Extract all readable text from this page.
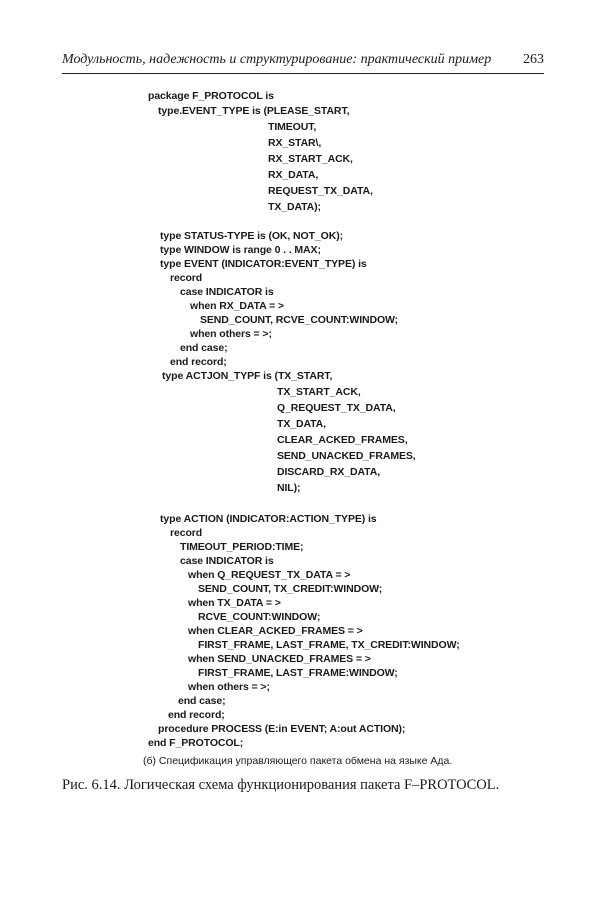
Модульность, надежность и структурирование: практический пример 263
package F_PROTOCOL is
type.EVENT_TYPE is (PLEASE_START,
TIMEOUT,
RX_STAR\,
RX_START_ACK,
RX_DATA,
REQUEST_TX_DATA,
TX_DATA);
type STATUS-TYPE is (OK, NOT_OK);
type WINDOW is range 0 . . MAX;
type EVENT (INDICATOR:EVENT_TYPE) is
record
case INDICATOR is
when RX_DATA = >
SEND_COUNT, RCVE_COUNT:WINDOW;
when others = >;
end case;
end record;
type ACTJON_TYPF is (TX_START,
TX_START_ACK,
Q_REQUEST_TX_DATA,
TX_DATA,
CLEAR_ACKED_FRAMES,
SEND_UNACKED_FRAMES,
DISCARD_RX_DATA,
NIL);
type ACTION (INDICATOR:ACTION_TYPE) is
record
TIMEOUT_PERIOD:TIME;
case INDICATOR is
when Q_REQUEST_TX_DATA = >
SEND_COUNT, TX_CREDIT:WINDOW;
when TX_DATA = >
RCVE_COUNT:WINDOW;
when CLEAR_ACKED_FRAMES = >
FIRST_FRAME, LAST_FRAME, TX_CREDIT:WINDOW;
when SEND_UNACKED_FRAMES = >
FIRST_FRAME, LAST_FRAME:WINDOW;
when others = >;
end case;
end record;
procedure PROCESS (E:in EVENT; A:out ACTION);
end F_PROTOCOL;
(б) Спецификация управляющего пакета обмена на языке Ада.
Рис. 6.14. Логическая схема функционирования пакета F–PROTOCOL.
